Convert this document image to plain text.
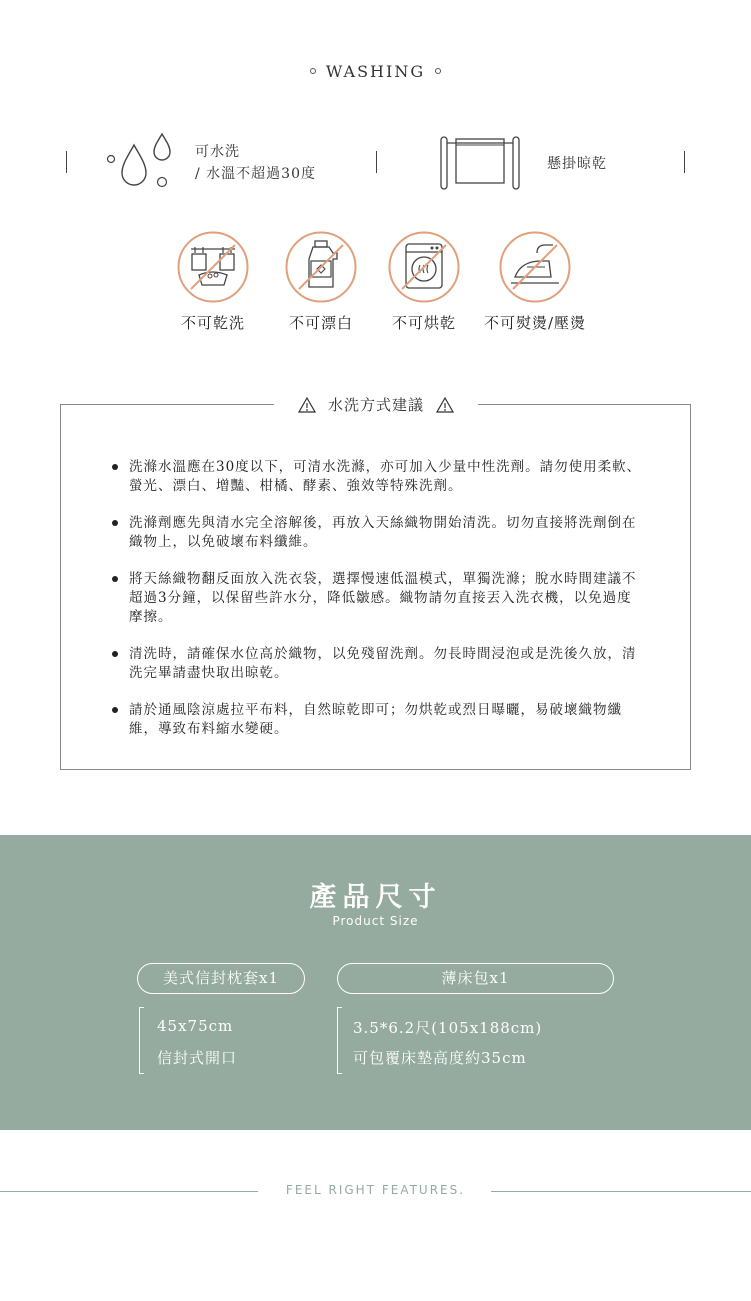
WASHING
可水洗
/ 水溫不超過30度
懸掛晾乾
不可乾洗	不可漂白	不可烘乾	不可熨燙/壓燙
水洗方式建議
洗滌水溫應在30度以下，可清水洗滌，亦可加入少量中性洗劑。請勿使用柔軟、螢光、漂白、增豔、柑橘、酵素、強效等特殊洗劑。
洗滌劑應先與清水完全溶解後，再放入天絲織物開始清洗。切勿直接將洗劑倒在織物上，以免破壞布料纖維。
將天絲織物翻反面放入洗衣袋，選擇慢速低溫模式，單獨洗滌；脫水時間建議不超過3分鐘，以保留些許水分，降低皺感。織物請勿直接丟入洗衣機，以免過度摩擦。
清洗時，請確保水位高於織物，以免殘留洗劑。勿長時間浸泡或是洗後久放，清洗完畢請盡快取出晾乾。
請於通風陰涼處拉平布料，自然晾乾即可；勿烘乾或烈日曝曬，易破壞織物纖維，導致布料縮水變硬。
產品尺寸
Product Size
美式信封枕套x1	薄床包x1
45x75cm
信封式開口
3.5*6.2尺(105x188cm)
可包覆床墊高度約35cm
FEEL RIGHT FEATURES.
